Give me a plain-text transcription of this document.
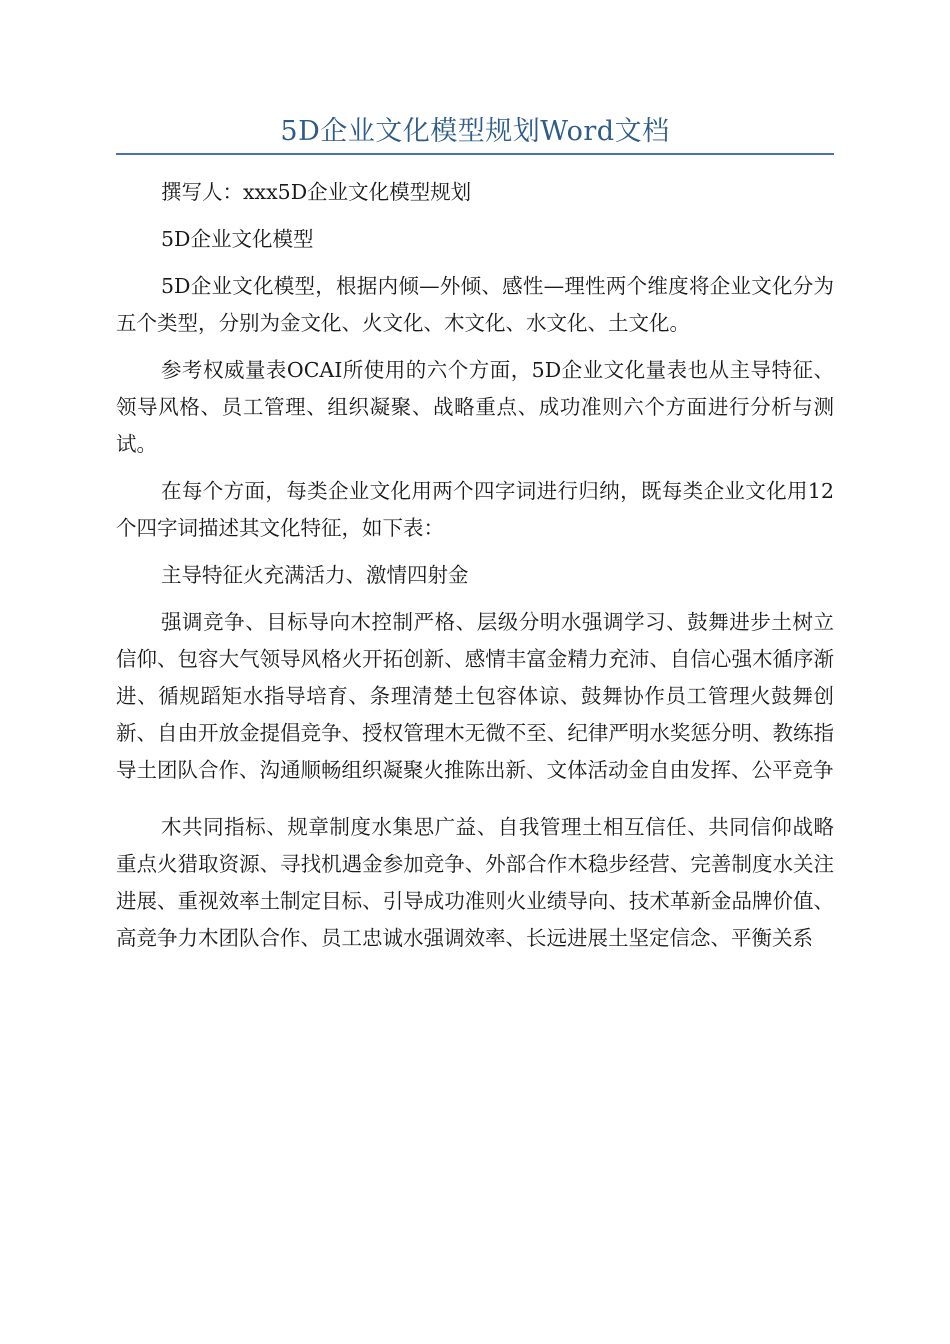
5D企业文化模型规划Word文档

撰写人：xxx5D企业文化模型规划

5D企业文化模型

5D企业文化模型，根据内倾—外倾、感性—理性两个维度将企业文化分为五个类型，分别为金文化、火文化、木文化、水文化、土文化。

参考权威量表OCAI所使用的六个方面，5D企业文化量表也从主导特征、领导风格、员工管理、组织凝聚、战略重点、成功准则六个方面进行分析与测试。

在每个方面，每类企业文化用两个四字词进行归纳，既每类企业文化用12个四字词描述其文化特征，如下表：

主导特征火充满活力、激情四射金

强调竞争、目标导向木控制严格、层级分明水强调学习、鼓舞进步土树立信仰、包容大气领导风格火开拓创新、感情丰富金精力充沛、自信心强木循序渐进、循规蹈矩水指导培育、条理清楚土包容体谅、鼓舞协作员工管理火鼓舞创新、自由开放金提倡竞争、授权管理木无微不至、纪律严明水奖惩分明、教练指导土团队合作、沟通顺畅组织凝聚火推陈出新、文体活动金自由发挥、公平竞争

木共同指标、规章制度水集思广益、自我管理土相互信任、共同信仰战略重点火猎取资源、寻找机遇金参加竞争、外部合作木稳步经营、完善制度水关注进展、重视效率土制定目标、引导成功准则火业绩导向、技术革新金品牌价值、高竞争力木团队合作、员工忠诚水强调效率、长远进展土坚定信念、平衡关系
